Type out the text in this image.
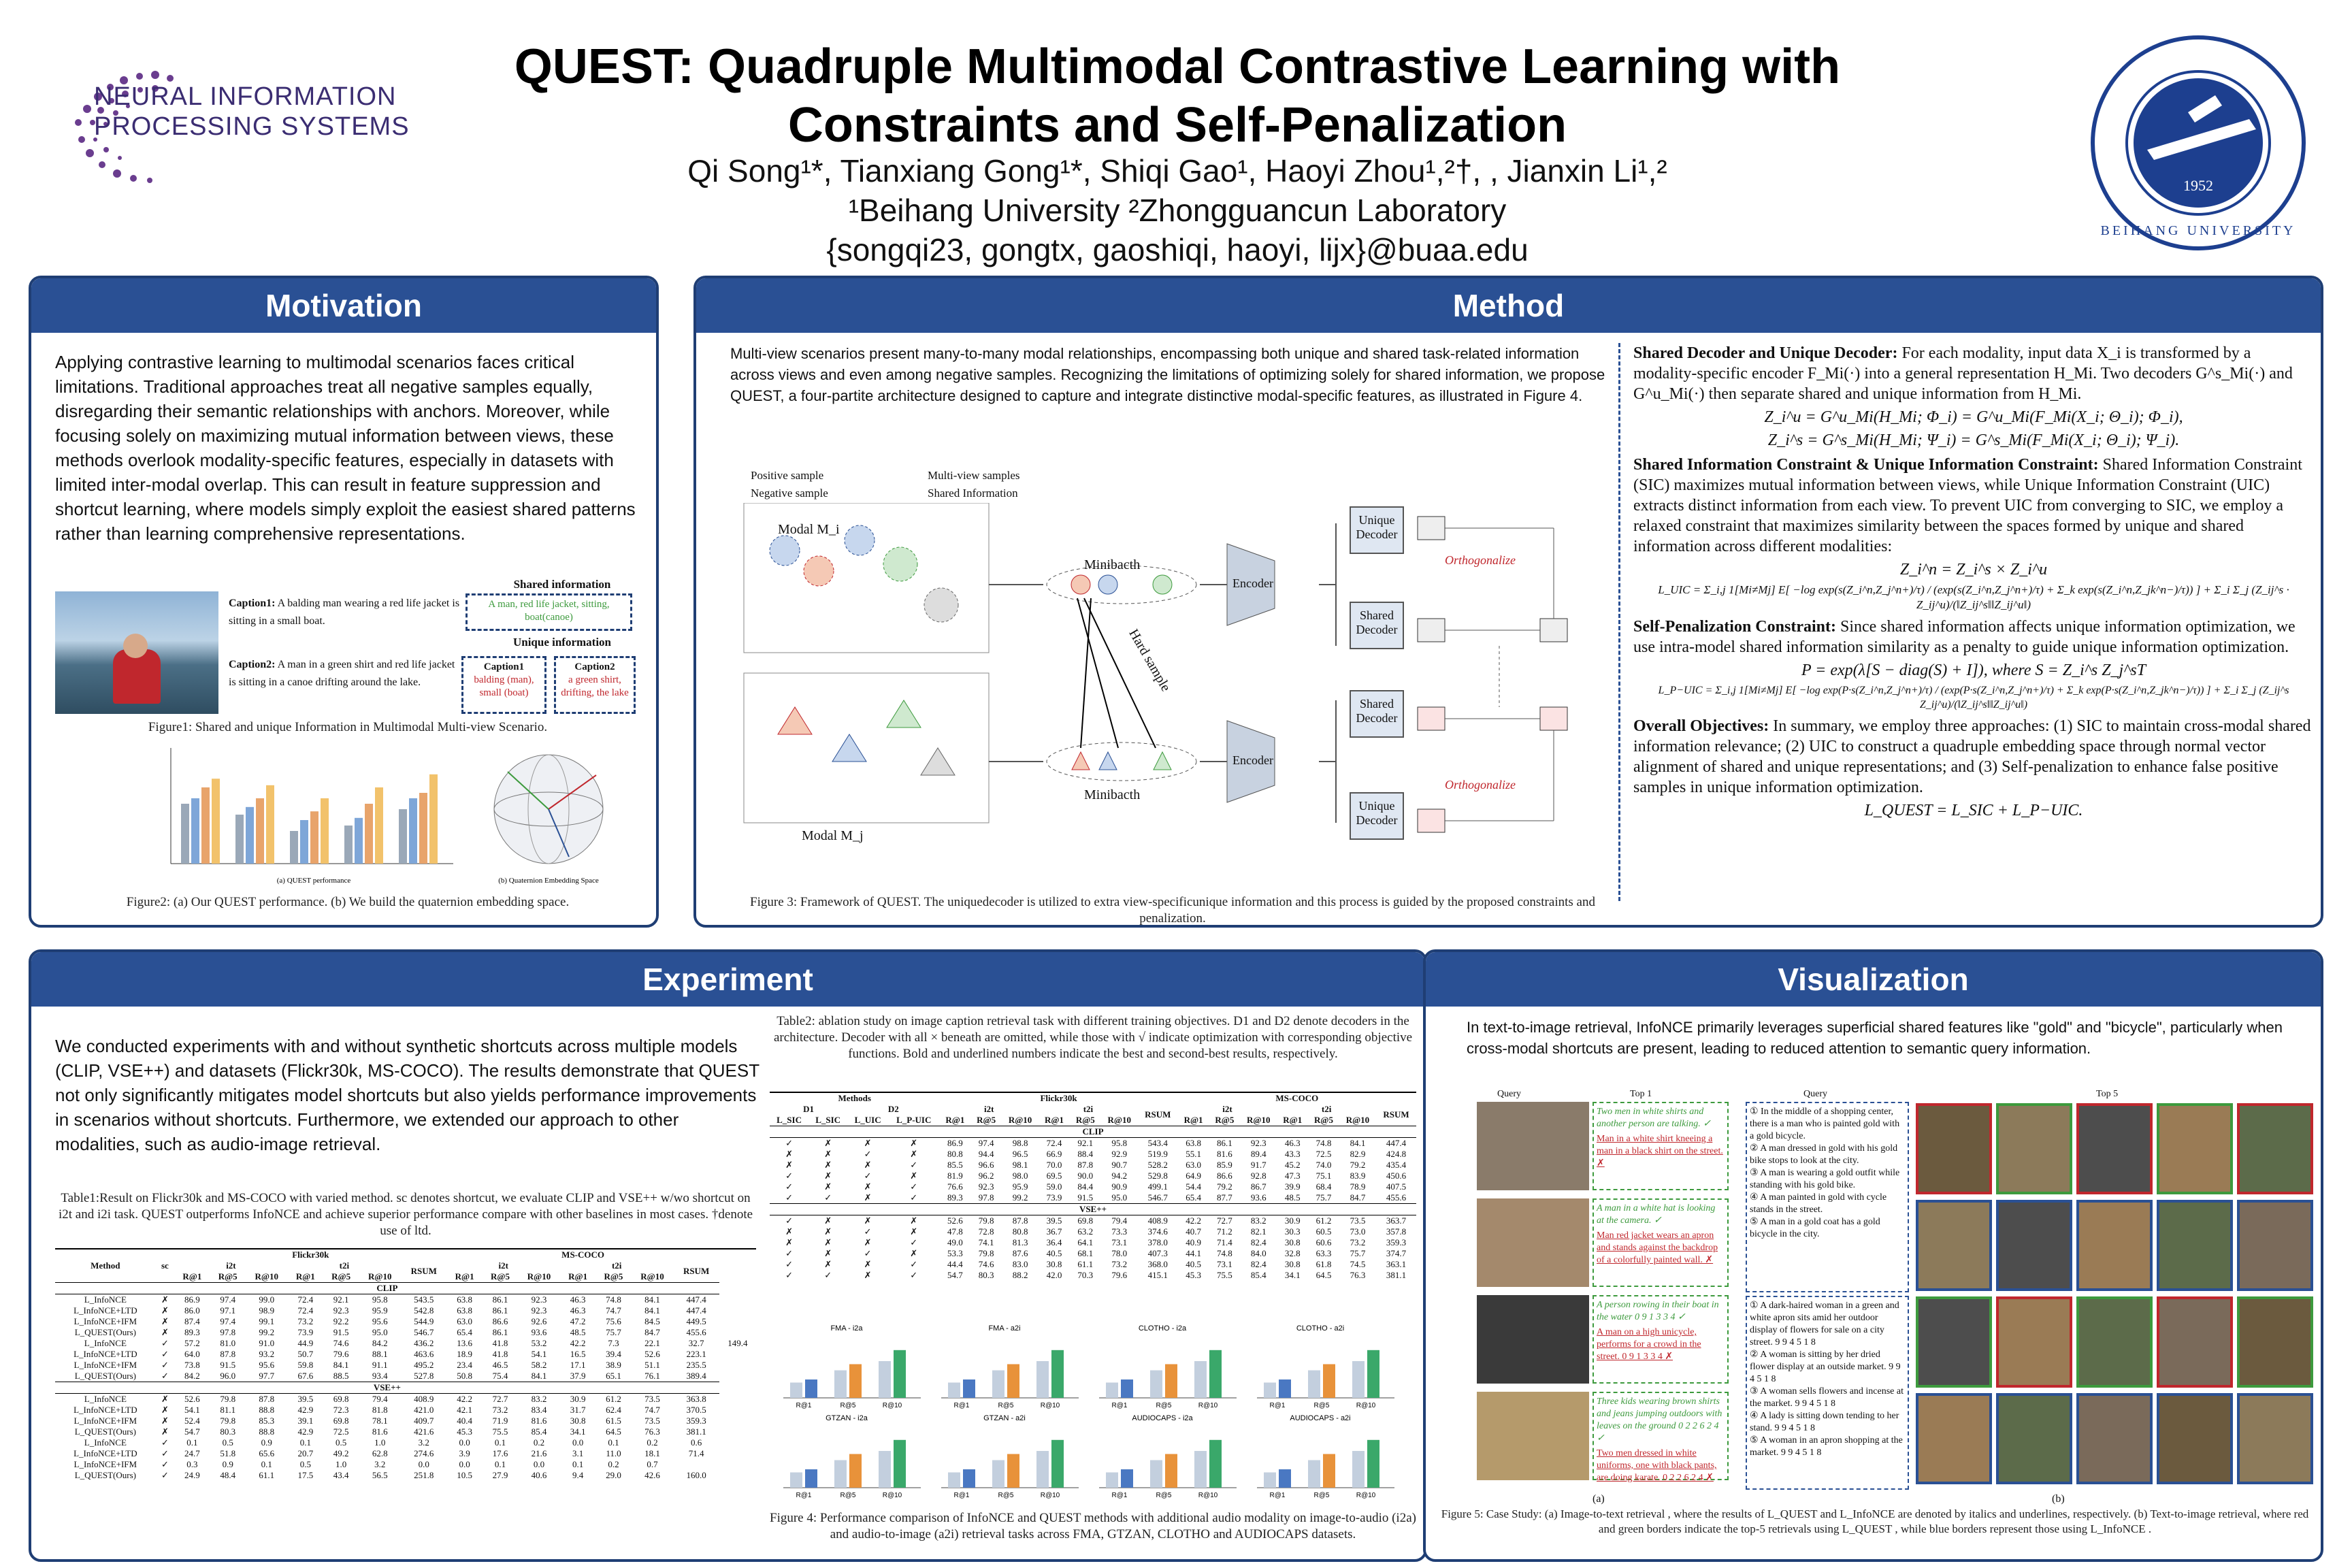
NEURAL INFORMATION
PROCESSING SYSTEMS
QUEST: Quadruple Multimodal Contrastive Learning with Constraints and Self-Penalization
Qi Song¹*, Tianxiang Gong¹*, Shiqi Gao¹, Haoyi Zhou¹,²†, , Jianxin Li¹,²
¹Beihang University ²Zhongguancun Laboratory
{songqi23, gongtx, gaoshiqi, haoyi, lijx}@buaa.edu
1952
BEIHANG UNIVERSITY
Motivation
Applying contrastive learning to multimodal scenarios faces critical limitations. Traditional approaches treat all negative samples equally, disregarding their semantic relationships with anchors. Moreover, while focusing solely on maximizing mutual information between views, these methods overlook modality-specific features, especially in datasets with limited inter-modal overlap. This can result in feature suppression and shortcut learning, where models simply exploit the easiest shared patterns rather than learning comprehensive representations.
Caption1: A balding man wearing a red life jacket is sitting in a small boat.
Caption2: A man in a green shirt and red life jacket is sitting in a canoe drifting around the lake.
Shared information
A man, red life jacket, sitting, boat(canoe)
Unique information
Caption1
balding (man), small (boat)
Caption2
a green shirt, drifting, the lake
Figure1: Shared and unique Information in Multimodal Multi-view Scenario.
(a) QUEST performance	(b) Quaternion Embedding Space
Figure2: (a) Our QUEST performance. (b) We build the quaternion embedding space.
Method
Multi-view scenarios present many-to-many modal relationships, encompassing both unique and shared task-related information across views and even among negative samples. Recognizing the limitations of optimizing solely for shared information, we propose QUEST, a four-partite architecture designed to capture and integrate distinctive modal-specific features, as illustrated in Figure 4.
Positive sample
Negative sample
Multi-view samples
Shared Information
Orthogonalize
Orthogonalize
Modal M_i
Modal M_j
Minibacth
Minibacth
Hard sample
Encoder
Encoder
Unique Decoder
Shared Decoder
Shared Decoder
Unique Decoder
Figure 3: Framework of QUEST. The uniquedecoder is utilized to extra view-specificunique information and this process is guided by the proposed constraints and penalization.

Shared Decoder and Unique Decoder: For each modality, input data X_i is transformed by a modality-specific encoder F_Mi(·) into a general representation H_Mi. Two decoders G^s_Mi(·) and G^u_Mi(·) then separate shared and unique information from H_Mi.

Z_i^u = G^u_Mi(H_Mi; Φ_i) = G^u_Mi(F_Mi(X_i; Θ_i); Φ_i),

Z_i^s = G^s_Mi(H_Mi; Ψ_i) = G^s_Mi(F_Mi(X_i; Θ_i); Ψ_i).

Shared Information Constraint & Unique Information Constraint: Shared Information Constraint (SIC) maximizes mutual information between views, while Unique Information Constraint (UIC) extracts distinct information from each view. To prevent UIC from converging to SIC, we employ a relaxed constraint that maximizes similarity between the spaces formed by unique and shared information across different modalities:

Z_i^n = Z_i^s × Z_i^u

L_UIC = Σ_i,j 1[Mi≠Mj] E[ −log exp(s(Z_i^n,Z_j^n+)/τ) / (exp(s(Z_i^n,Z_j^n+)/τ) + Σ_k exp(s(Z_i^n,Z_jk^n−)/τ)) ] + Σ_i Σ_j (Z_ij^s · Z_ij^u)/(‖Z_ij^s‖‖Z_ij^u‖)

Self-Penalization Constraint: Since shared information affects unique information optimization, we use intra-model shared information similarity as a penalty to guide unique information optimization.

P = exp(λ[S − diag(S) + I]), where S = Z_i^s Z_j^sT

L_P−UIC = Σ_i,j 1[Mi≠Mj] E[ −log exp(P·s(Z_i^n,Z_j^n+)/τ) / (exp(P·s(Z_i^n,Z_j^n+)/τ) + Σ_k exp(P·s(Z_i^n,Z_jk^n−)/τ)) ] + Σ_i Σ_j (Z_ij^s Z_ij^u)/(‖Z_ij^s‖‖Z_ij^u‖)

Overall Objectives: In summary, we employ three approaches: (1) SIC to maintain cross-modal shared information relevance; (2) UIC to construct a quadruple embedding space through normal vector alignment of shared and unique representations; and (3) Self-penalization to enhance false positive samples in unique information optimization.

L_QUEST = L_SIC + L_P−UIC.

Experiment
We conducted experiments with and without synthetic shortcuts across multiple models (CLIP, VSE++) and datasets (Flickr30k, MS-COCO). The results demonstrate that QUEST not only significantly mitigates model shortcuts but also yields performance improvements in scenarios without shortcuts. Furthermore, we extended our approach to other modalities, such as audio-image retrieval.
Table1:Result on Flickr30k and MS-COCO with varied method. sc denotes shortcut, we evaluate CLIP and VSE++ w/wo shortcut on i2t and i2i task. QUEST outperforms InfoNCE and achieve superior performance compare with other baselines in most cases. †denote use of ltd.
Method	sc	Flickr30k							MS-COCO							
		i2t			t2i			RSUM	i2t			t2i			RSUM	
		R@1	R@5	R@10	R@1	R@5	R@10		R@1	R@5	R@10	R@1	R@5	R@10		
CLIP																
L_InfoNCE	✗	86.9	97.4	99.0	72.4	92.1	95.8	543.5	63.8	86.1	92.3	46.3	74.8	84.1	447.4	
L_InfoNCE+LTD	✗	86.0	97.1	98.9	72.4	92.3	95.9	542.8	63.8	86.1	92.3	46.3	74.7	84.1	447.4	
L_InfoNCE+IFM	✗	87.4	97.4	99.1	73.2	92.2	95.6	544.9	63.0	86.6	92.6	47.2	75.6	84.5	449.5	
L_QUEST(Ours)	✗	89.3	97.8	99.2	73.9	91.5	95.0	546.7	65.4	86.1	93.6	48.5	75.7	84.7	455.6	
L_InfoNCE	✓	57.2	81.0	91.0	44.9	74.6	84.2	436.2	13.6	41.8	53.2	42.2	7.3	22.1	32.7	149.4
L_InfoNCE+LTD	✓	64.0	87.8	93.2	50.7	79.6	88.1	463.6	18.9	41.8	54.1	16.5	39.4	52.6	223.1	
L_InfoNCE+IFM	✓	73.8	91.5	95.6	59.8	84.1	91.1	495.2	23.4	46.5	58.2	17.1	38.9	51.1	235.5	
L_QUEST(Ours)	✓	84.2	96.0	97.7	67.6	88.5	93.4	527.8	50.8	75.4	84.1	37.9	65.1	76.1	389.4	
VSE++																
L_InfoNCE	✗	52.6	79.8	87.8	39.5	69.8	79.4	408.9	42.2	72.7	83.2	30.9	61.2	73.5	363.8	
L_InfoNCE+LTD	✗	54.1	81.1	88.8	42.9	72.3	81.8	421.0	42.1	73.2	83.4	31.7	62.4	74.7	370.5	
L_InfoNCE+IFM	✗	52.4	79.8	85.3	39.1	69.8	78.1	409.7	40.4	71.9	81.6	30.8	61.5	73.5	359.3	
L_QUEST(Ours)	✗	54.7	80.3	88.8	42.9	72.5	81.6	421.6	45.3	75.5	85.4	34.1	64.5	76.3	381.1	
L_InfoNCE	✓	0.1	0.5	0.9	0.1	0.5	1.0	3.2	0.0	0.1	0.2	0.0	0.1	0.2	0.6	
L_InfoNCE+LTD	✓	24.7	51.8	65.6	20.7	49.2	62.8	274.6	3.9	17.6	21.6	3.1	11.0	18.1	71.4	
L_InfoNCE+IFM	✓	0.3	0.9	0.1	0.5	1.0	3.2	0.0	0.0	0.1	0.0	0.1	0.2	0.7		
L_QUEST(Ours)	✓	24.9	48.4	61.1	17.5	43.4	56.5	251.8	10.5	27.9	40.6	9.4	29.0	42.6	160.0	
Table2: ablation study on image caption retrieval task with different training objectives. D1 and D2 denote decoders in the architecture. Decoder with all × beneath are omitted, while those with √ indicate optimization with corresponding objective functions. Bold and underlined numbers indicate the best and second-best results, respectively.
Methods				Flickr30k							MS-COCO						
D1		D2		i2t			t2i			RSUM	i2t			t2i			RSUM
L_SIC	L_SIC	L_UIC	L_P-UIC	R@1	R@5	R@10	R@1	R@5	R@10		R@1	R@5	R@10	R@1	R@5	R@10	
CLIP																	
✓	✗	✗	✗	86.9	97.4	98.8	72.4	92.1	95.8	543.4	63.8	86.1	92.3	46.3	74.8	84.1	447.4
✗	✗	✓	✗	80.8	94.4	96.5	66.9	88.4	92.9	519.9	55.1	81.6	89.4	43.3	72.5	82.9	424.8
✗	✗	✗	✓	85.5	96.6	98.1	70.0	87.8	90.7	528.2	63.0	85.9	91.7	45.2	74.0	79.2	435.4
✓	✗	✓	✗	81.9	96.2	98.0	69.5	90.0	94.2	529.8	64.9	86.6	92.8	47.3	75.1	83.9	450.6
✓	✗	✗	✓	76.6	92.3	95.9	59.0	84.4	90.9	499.1	54.4	79.2	86.7	39.9	68.4	78.9	407.5
✓	✓	✗	✓	89.3	97.8	99.2	73.9	91.5	95.0	546.7	65.4	87.7	93.6	48.5	75.7	84.7	455.6
VSE++																	
✓	✗	✗	✗	52.6	79.8	87.8	39.5	69.8	79.4	408.9	42.2	72.7	83.2	30.9	61.2	73.5	363.7
✗	✗	✓	✗	47.8	72.8	80.8	36.7	63.2	73.3	374.6	40.7	71.2	82.1	30.3	60.5	73.0	357.8
✗	✗	✗	✓	49.0	74.1	81.3	36.4	64.1	73.1	378.0	40.9	71.4	82.4	30.8	60.6	73.2	359.3
✓	✗	✓	✗	53.3	79.8	87.6	40.5	68.1	78.0	407.3	44.1	74.8	84.0	32.8	63.3	75.7	374.7
✓	✗	✗	✓	44.4	74.6	83.0	30.8	61.1	73.2	368.0	40.5	73.1	82.4	30.8	61.8	74.5	363.1
✓	✓	✗	✓	54.7	80.3	88.2	42.0	70.3	79.6	415.1	45.3	75.5	85.4	34.1	64.5	76.3	381.1
FMA - i2a
R@1	R@5	R@10
FMA - a2i
R@1	R@5	R@10
GTZAN - i2a
R@1	R@5	R@10
GTZAN - a2i
R@1	R@5	R@10
CLOTHO - i2a
R@1	R@5	R@10
CLOTHO - a2i
R@1	R@5	R@10
AUDIOCAPS - i2a
R@1	R@5	R@10
AUDIOCAPS - a2i
R@1	R@5	R@10
Figure 4: Performance comparison of InfoNCE and QUEST methods with additional audio modality on image-to-audio (i2a) and audio-to-image (a2i) retrieval tasks across FMA, GTZAN, CLOTHO and AUDIOCAPS datasets.
Visualization
In text-to-image retrieval, InfoNCE primarily leverages superficial shared features like "gold" and "bicycle", particularly when cross-modal shortcuts are present, leading to reduced attention to semantic query information.
Query	Top 1	Query	Top 5
Two men in white shirts and another person are talking. ✓
Man in a white shirt kneeing a man in a black shirt on the street. ✗
A man in a white hat is looking at the camera. ✓
Man red jacket wears an apron and stands against the backdrop of a colorfully painted wall. ✗
A person rowing in their boat in the water 0 9 1 3 3 4 ✓
A man on a high unicycle, performs for a crowd in the street. 0 9 1 3 3 4 ✗
Three kids wearing brown shirts and jeans jumping outdoors with leaves on the ground 0 2 2 6 2 4 ✓
Two men dressed in white uniforms, one with black pants, are doing karate. 0 2 2 6 2 4 ✗
① In the middle of a shopping center, there is a man who is painted gold with a gold bicycle.
② A man dressed in gold with his gold bike stops to look at the city.
③ A man is wearing a gold outfit while standing with his gold bike.
④ A man painted in gold with cycle stands in the street.
⑤ A man in a gold coat has a gold bicycle in the city.
① A dark-haired woman in a green and white apron sits amid her outdoor display of flowers for sale on a city street. 9 9 4 5 1 8
② A woman is sitting by her dried flower display at an outside market. 9 9 4 5 1 8
③ A woman sells flowers and incense at the market. 9 9 4 5 1 8
④ A lady is sitting down tending to her stand. 9 9 4 5 1 8
⑤ A woman in an apron shopping at the market. 9 9 4 5 1 8
(a)	(b)
Figure 5: Case Study: (a) Image-to-text retrieval , where the results of L_QUEST and L_InfoNCE are denoted by italics and underlines, respectively. (b) Text-to-image retrieval, where red and green borders indicate the top-5 retrievals using L_QUEST , while blue borders represent those using L_InfoNCE .
